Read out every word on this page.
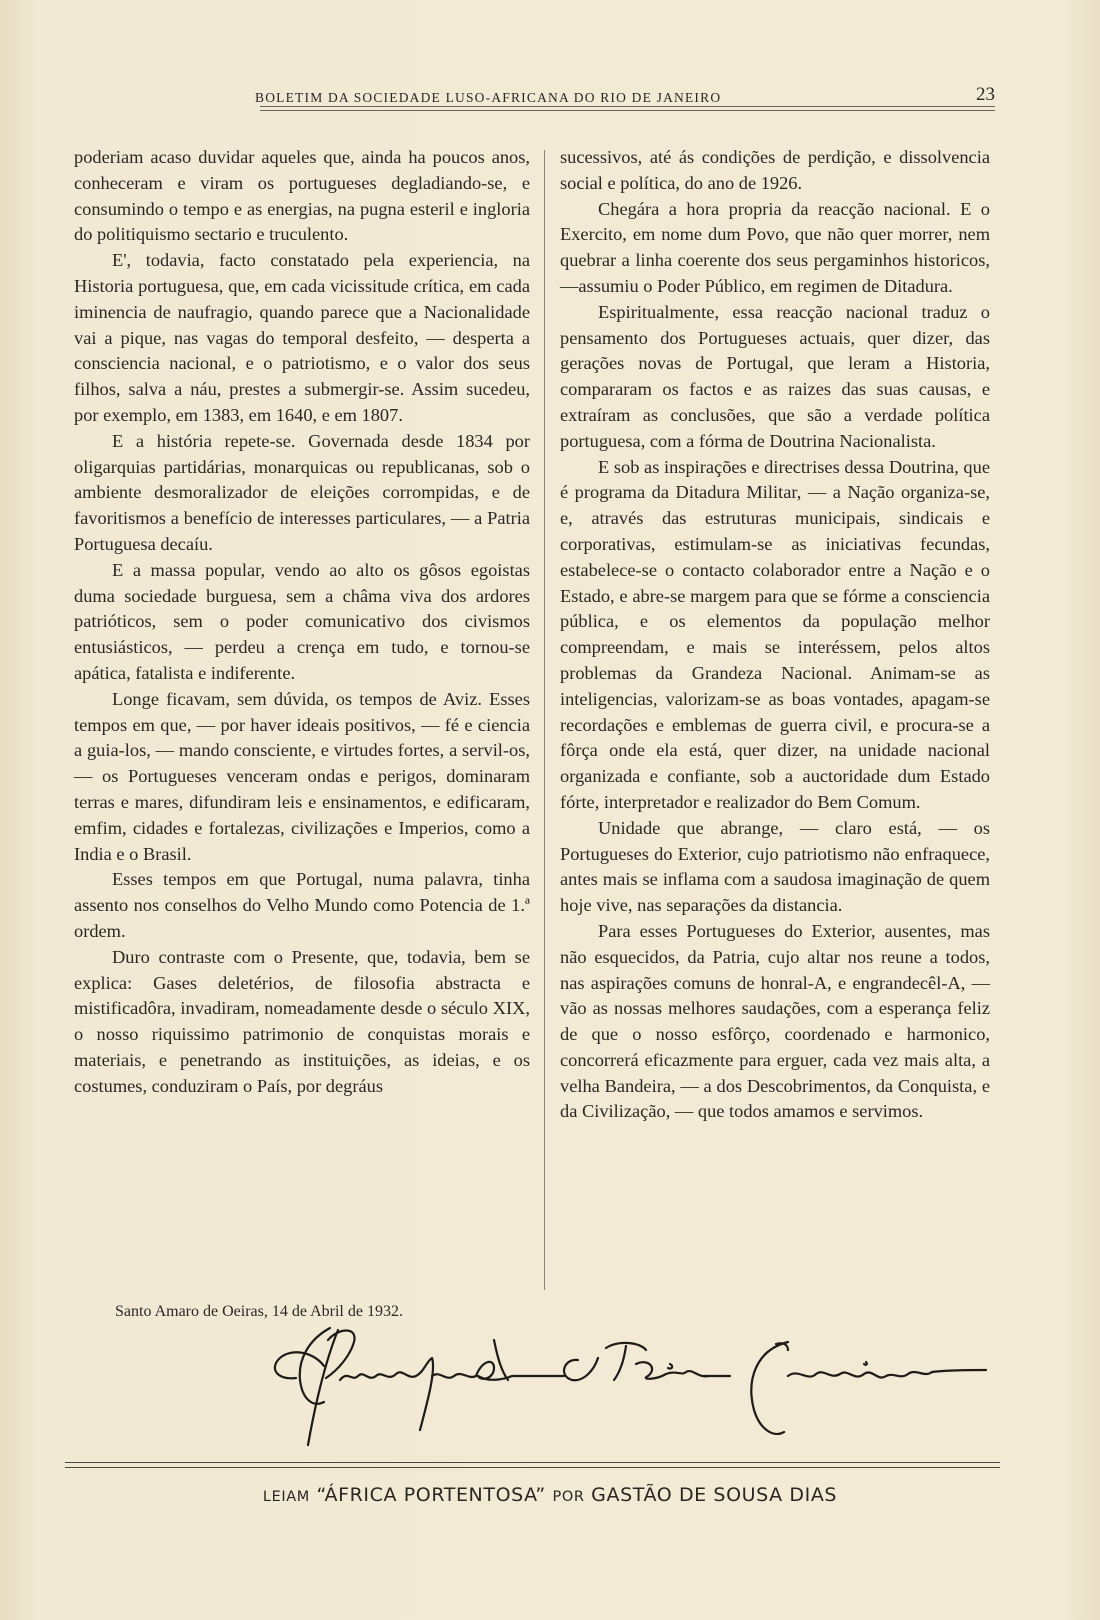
BOLETIM DA SOCIEDADE LUSO-AFRICANA DO RIO DE JANEIRO	23

poderiam acaso duvidar aqueles que, ainda ha poucos anos, conheceram e viram os portugueses degladiando-se, e consumindo o tempo e as energias, na pugna esteril e ingloria do politiquismo sectario e truculento.

E', todavia, facto constatado pela experiencia, na Historia portuguesa, que, em cada vicissitude crítica, em cada iminencia de naufragio, quando parece que a Nacionalidade vai a pique, nas vagas do temporal desfeito, — desperta a consciencia nacional, e o patriotismo, e o valor dos seus filhos, salva a náu, prestes a submergir-se. Assim sucedeu, por exemplo, em 1383, em 1640, e em 1807.

E a história repete-se. Governada desde 1834 por oligarquias partidárias, monarquicas ou republicanas, sob o ambiente desmoralizador de eleições corrompidas, e de favoritismos a benefício de interesses particulares, — a Patria Portuguesa decaíu.

E a massa popular, vendo ao alto os gôsos egoistas duma sociedade burguesa, sem a châma viva dos ardores patrióticos, sem o poder comunicativo dos civismos entusiásticos, — perdeu a crença em tudo, e tornou-se apática, fatalista e indiferente.

Longe ficavam, sem dúvida, os tempos de Aviz. Esses tempos em que, — por haver ideais positivos, — fé e ciencia a guia-los, — mando consciente, e virtudes fortes, a servil-os, — os Portugueses venceram ondas e perigos, dominaram terras e mares, difundiram leis e ensinamentos, e edificaram, emfim, cidades e fortalezas, civilizações e Imperios, como a India e o Brasil.

Esses tempos em que Portugal, numa palavra, tinha assento nos conselhos do Velho Mundo como Potencia de 1.ª ordem.

Duro contraste com o Presente, que, todavia, bem se explica: Gases deletérios, de filosofia abstracta e mistificadôra, invadiram, nomeadamente desde o século XIX, o nosso riquissimo patrimonio de conquistas morais e materiais, e penetrando as instituições, as ideias, e os costumes, conduziram o País, por degráus

sucessivos, até ás condições de perdição, e dissolvencia social e política, do ano de 1926.

Chegára a hora propria da reacção nacional. E o Exercito, em nome dum Povo, que não quer morrer, nem quebrar a linha coerente dos seus pergaminhos historicos,—assumiu o Poder Público, em regimen de Ditadura.

Espiritualmente, essa reacção nacional traduz o pensamento dos Portugueses actuais, quer dizer, das gerações novas de Portugal, que leram a Historia, compararam os factos e as raizes das suas causas, e extraíram as conclusões, que são a verdade política portuguesa, com a fórma de Doutrina Nacionalista.

E sob as inspirações e directrises dessa Doutrina, que é programa da Ditadura Militar, — a Nação organiza-se, e, através das estruturas municipais, sindicais e corporativas, estimulam-se as iniciativas fecundas, estabelece-se o contacto colaborador entre a Nação e o Estado, e abre-se margem para que se fórme a consciencia pública, e os elementos da população melhor compreendam, e mais se interéssem, pelos altos problemas da Grandeza Nacional. Animam-se as inteligencias, valorizam-se as boas vontades, apagam-se recordações e emblemas de guerra civil, e procura-se a fôrça onde ela está, quer dizer, na unidade nacional organizada e confiante, sob a auctoridade dum Estado fórte, interpretador e realizador do Bem Comum.

Unidade que abrange, — claro está, — os Portugueses do Exterior, cujo patriotismo não enfraquece, antes mais se inflama com a saudosa imaginação de quem hoje vive, nas separações da distancia.

Para esses Portugueses do Exterior, ausentes, mas não esquecidos, da Patria, cujo altar nos reune a todos, nas aspirações comuns de honral-A, e engrandecêl-A, — vão as nossas melhores saudações, com a esperança feliz de que o nosso esfôrço, coordenado e harmonico, concorrerá eficazmente para erguer, cada vez mais alta, a velha Bandeira, — a dos Descobrimentos, da Conquista, e da Civilização, — que todos amamos e servimos.

Santo Amaro de Oeiras, 14 de Abril de 1932.
LEIAM “ÁFRICA PORTENTOSA” POR GASTÃO DE SOUSA DIAS
